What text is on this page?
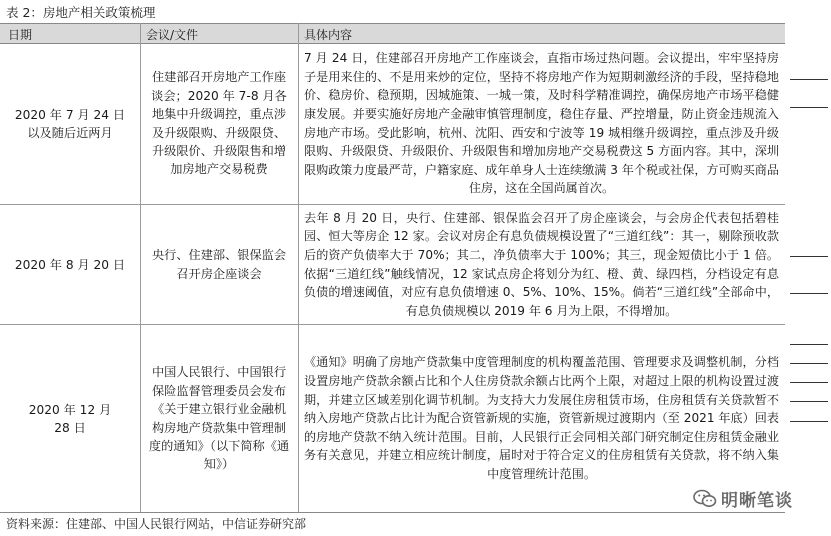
表 2：房地产相关政策梳理
日期	会议/文件	具体内容
2020 年 7 月 24 日以及随后近两月
住建部召开房地产工作座谈会；2020 年 7-8 月各地集中升级调控，重点涉及升级限购、升级限贷、升级限价、升级限售和增加房地产交易税费
7 月 24 日，住建部召开房地产工作座谈会，直指市场过热问题。会议提出，牢牢坚持房子是用来住的、不是用来炒的定位，坚持不将房地产作为短期刺激经济的手段，坚持稳地价、稳房价、稳预期，因城施策、一城一策，及时科学精准调控，确保房地产市场平稳健康发展。并要实施好房地产金融审慎管理制度，稳住存量、严控增量，防止资金违规流入房地产市场。受此影响，杭州、沈阳、西安和宁波等 19 城相继升级调控，重点涉及升级限购、升级限贷、升级限价、升级限售和增加房地产交易税费这 5 方面内容。其中，深圳限购政策力度最严苛，户籍家庭、成年单身人士连续缴满 3 年个税或社保，方可购买商品住房，这在全国尚属首次。
2020 年 8 月 20 日
央行、住建部、银保监会召开房企座谈会
去年 8 月 20 日，央行、住建部、银保监会召开了房企座谈会，与会房企代表包括碧桂园、恒大等房企 12 家。会议对房企有息负债规模设置了“三道红线”：其一，剔除预收款后的资产负债率大于 70%；其二，净负债率大于 100%；其三，现金短债比小于 1 倍。依据“三道红线”触线情况，12 家试点房企将划分为红、橙、黄、绿四档，分档设定有息负债的增速阈值，对应有息负债增速 0、5%、10%、15%。倘若“三道红线”全部命中，有息负债规模以 2019 年 6 月为上限，不得增加。
2020 年 12 月 28 日
中国人民银行、中国银行保险监督管理委员会发布《关于建立银行业金融机构房地产贷款集中管理制度的通知》（以下简称《通知》）
《通知》明确了房地产贷款集中度管理制度的机构覆盖范围、管理要求及调整机制，分档设置房地产贷款余额占比和个人住房贷款余额占比两个上限，对超过上限的机构设置过渡期，并建立区域差别化调节机制。为支持大力发展住房租赁市场，住房租赁有关贷款暂不纳入房地产贷款占比计为配合资管新规的实施，资管新规过渡期内（至 2021 年底）回表的房地产贷款不纳入统计范围。目前，人民银行正会同相关部门研究制定住房租赁金融业务有关意见，并建立相应统计制度，届时对于符合定义的住房租赁有关贷款，将不纳入集中度管理统计范围。
明晰笔谈
资料来源：住建部、中国人民银行网站，中信证券研究部
